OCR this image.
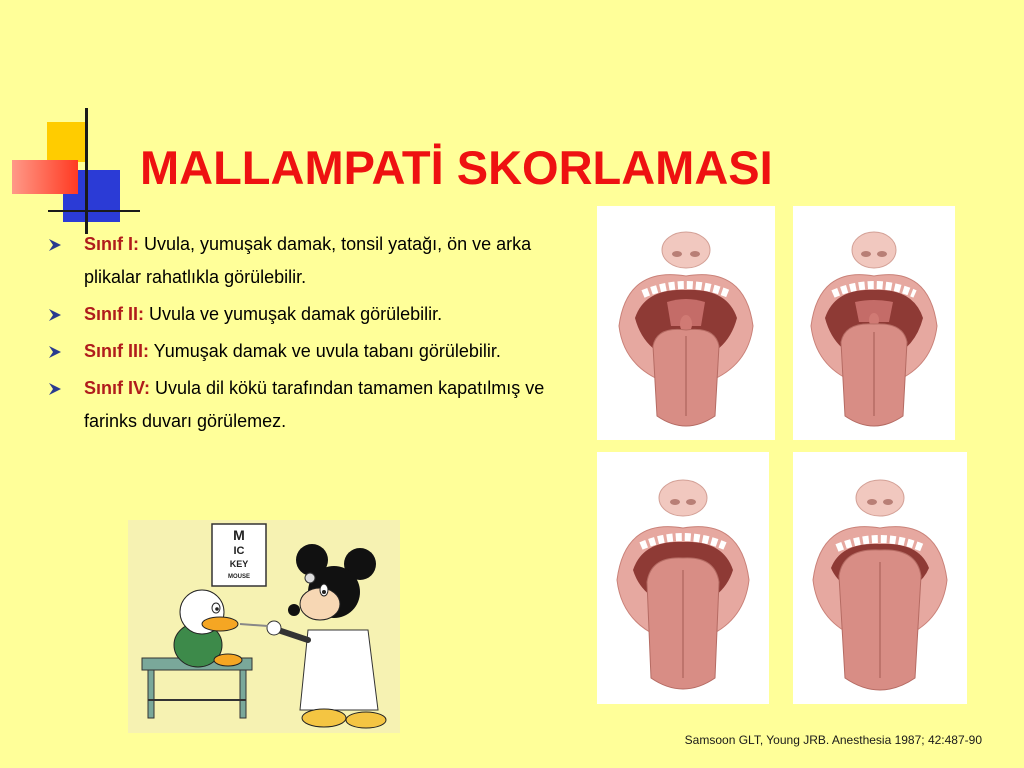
MALLAMPATİ SKORLAMASI
Sınıf I: Uvula, yumuşak damak, tonsil yatağı, ön ve arka plikalar rahatlıkla görülebilir.
Sınıf II: Uvula ve yumuşak damak görülebilir.
Sınıf III: Yumuşak damak ve uvula tabanı görülebilir.
Sınıf IV: Uvula dil kökü tarafından tamamen kapatılmış ve farinks duvarı görülemez.
M
IC
KEY
MOUSE
Samsoon GLT, Young JRB. Anesthesia 1987; 42:487-90
